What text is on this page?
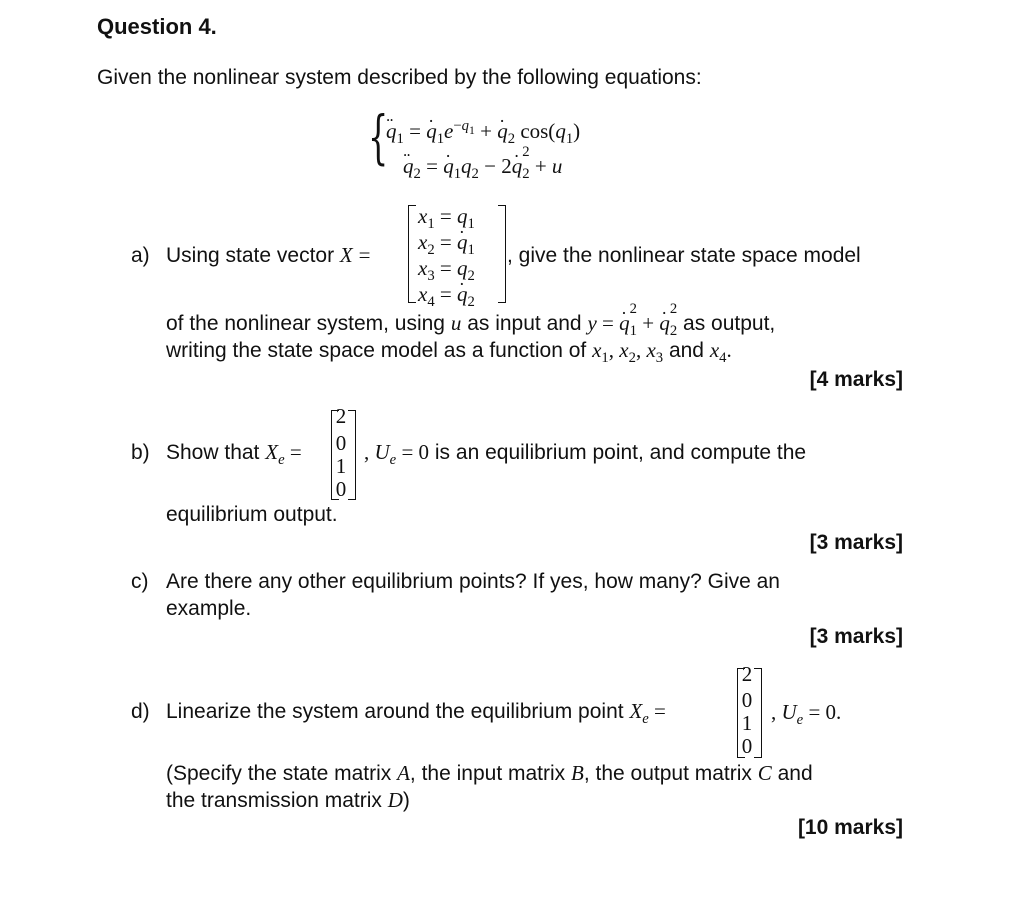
Question 4.
Given the nonlinear system described by the following equations:
{
¨ $q_1$ = ˙ $q_1e^{-q_1}$ + ˙ $q_2$ $\cos(q_1)$
¨ $q_2$ = ˙ $q_1q_2$ − 2˙ q
$_{2 2}$ + u
a) Using state vector X =
$x_1 = q_1$
$x_2$ = ˙ $q_1$
$x_3 = q_2$
$x_4$ = ˙ $q_2$
, give the nonlinear state space model
of the nonlinear system, using u as input and y = ˙ q
$_{2 1}$ + ˙ q
$_{2 2}$ as output,
writing the state space model as a function of $x_1$, $x_2$, $x_3$ and $x_4$.
[4 marks]
b) Show that $X_e$ =
2
0
1
0
, $U_e = 0$ is an equilibrium point, and compute the
equilibrium output.
[3 marks]
c) Are there any other equilibrium points? If yes, how many? Give an
example.
[3 marks]
d) Linearize the system around the equilibrium point $X_e$ =
2
0
1
0
, $U_e = 0$.
(Specify the state matrix A, the input matrix B, the output matrix C and
the transmission matrix D)
[10 marks]
